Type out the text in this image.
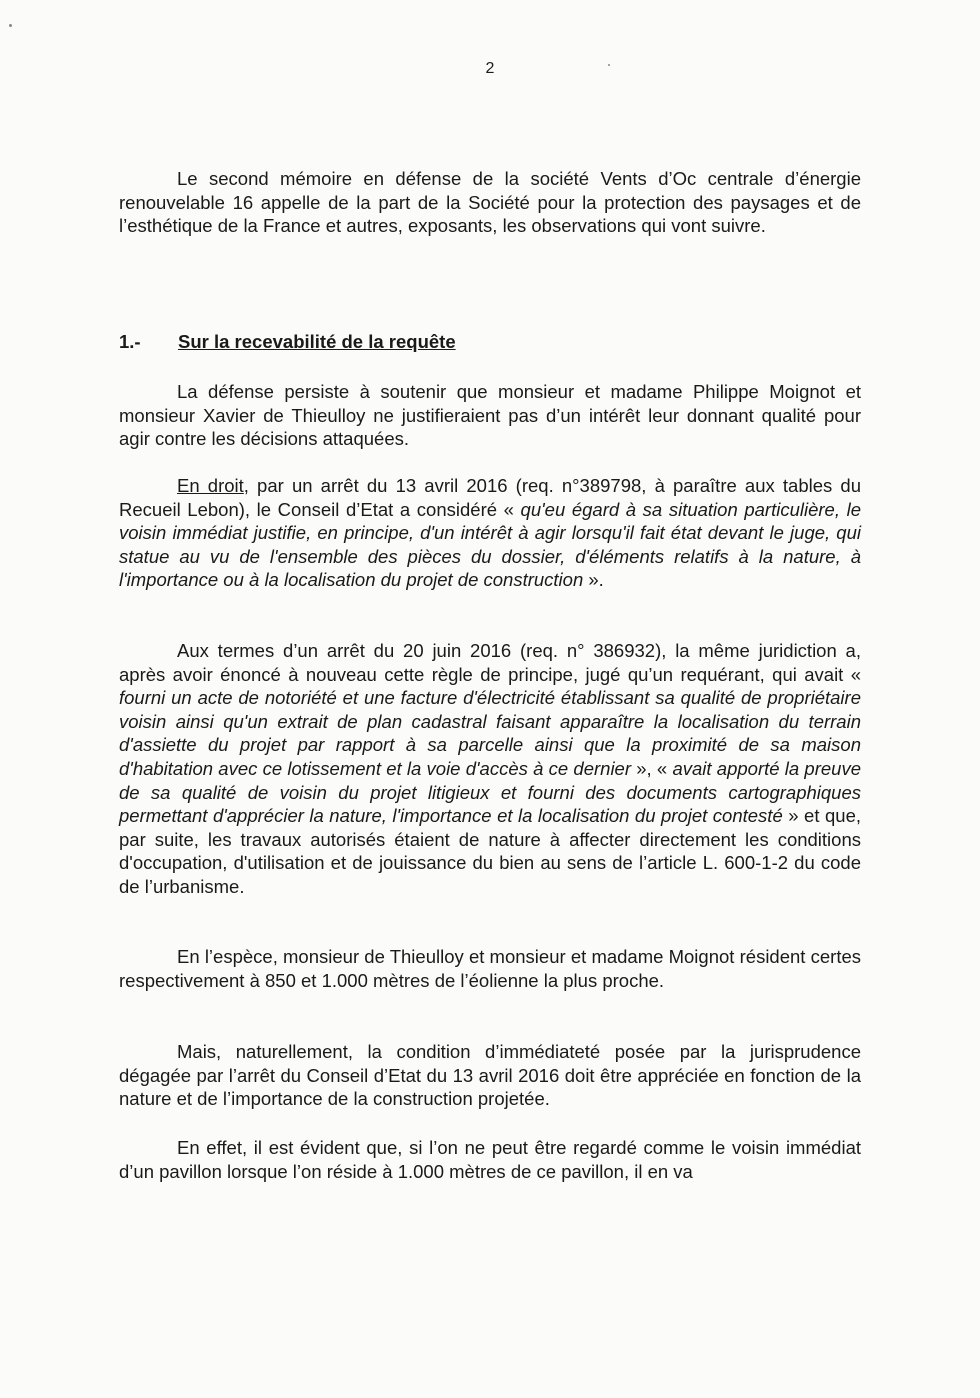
2

Le second mémoire en défense de la société Vents d’Oc centrale d’énergie renouvelable 16 appelle de la part de la Société pour la protection des paysages et de l’esthétique de la France et autres, exposants, les observations qui vont suivre.

1.- Sur la recevabilité de la requête

La défense persiste à soutenir que monsieur et madame Philippe Moignot et monsieur Xavier de Thieulloy ne justifieraient pas d’un intérêt leur donnant qualité pour agir contre les décisions attaquées.

En droit, par un arrêt du 13 avril 2016 (req. n°389798, à paraître aux tables du Recueil Lebon), le Conseil d’Etat a considéré « qu'eu égard à sa situation particulière, le voisin immédiat justifie, en principe, d'un intérêt à agir lorsqu'il fait état devant le juge, qui statue au vu de l'ensemble des pièces du dossier, d'éléments relatifs à la nature, à l'importance ou à la localisation du projet de construction ».

Aux termes d’un arrêt du 20 juin 2016 (req. n° 386932), la même juridiction a, après avoir énoncé à nouveau cette règle de principe, jugé qu’un requérant, qui avait « fourni un acte de notoriété et une facture d'électricité établissant sa qualité de propriétaire voisin ainsi qu'un extrait de plan cadastral faisant apparaître la localisation du terrain d'assiette du projet par rapport à sa parcelle ainsi que la proximité de sa maison d'habitation avec ce lotissement et la voie d'accès à ce dernier », « avait apporté la preuve de sa qualité de voisin du projet litigieux et fourni des documents cartographiques permettant d'apprécier la nature, l'importance et la localisation du projet contesté » et que, par suite, les travaux autorisés étaient de nature à affecter directement les conditions d'occupation, d'utilisation et de jouissance du bien au sens de l’article L. 600-1-2 du code de l’urbanisme.

En l’espèce, monsieur de Thieulloy et monsieur et madame Moignot résident certes respectivement à 850 et 1.000 mètres de l’éolienne la plus proche.

Mais, naturellement, la condition d’immédiateté posée par la jurisprudence dégagée par l’arrêt du Conseil d’Etat du 13 avril 2016 doit être appréciée en fonction de la nature et de l’importance de la construction projetée.

En effet, il est évident que, si l’on ne peut être regardé comme le voisin immédiat d’un pavillon lorsque l’on réside à 1.000 mètres de ce pavillon, il en va
